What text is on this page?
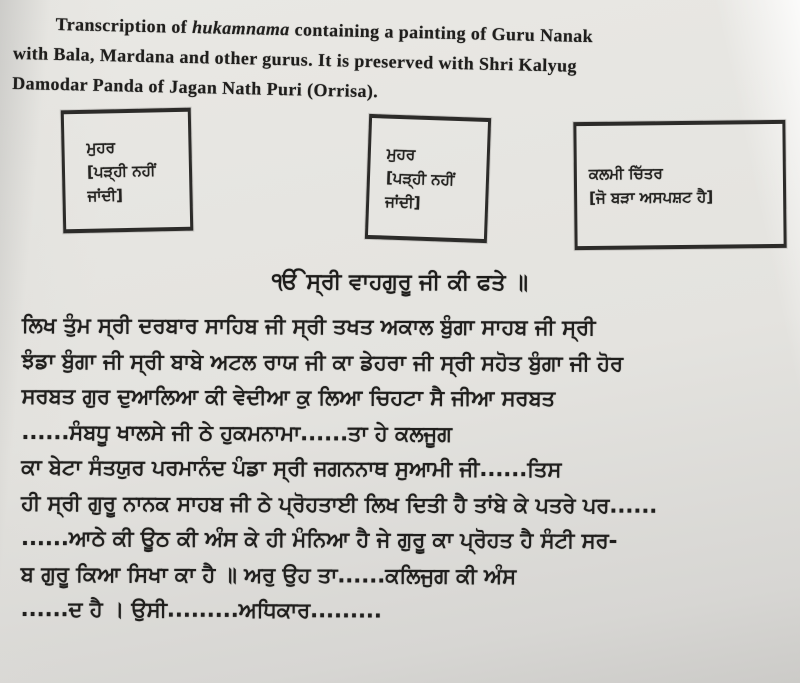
Transcription of hukamnama containing a painting of Guru Nanak
with Bala, Mardana and other gurus. It is preserved with Shri Kalyug
Damodar Panda of Jagan Nath Puri (Orrisa).
ਮੁਹਰ
[ਪੜ੍ਹੀ ਨਹੀਂ
ਜਾਂਦੀ]
ਮੁਹਰ
[ਪੜ੍ਹੀ ਨਹੀਂ
ਜਾਂਦੀ]
ਕਲਮੀ ਚਿੱਤਰ
[ਜੋ ਬੜਾ ਅਸਪਸ਼ਟ ਹੈ]
ੴ ਸ੍ਰੀ ਵਾਹਗੁਰੂ ਜੀ ਕੀ ਫਤੇ ॥
ਲਿਖ ਤੁੰਮ ਸ੍ਰੀ ਦਰਬਾਰ ਸਾਹਿਬ ਜੀ ਸ੍ਰੀ ਤਖਤ ਅਕਾਲ ਬੁੰਗਾ ਸਾਹਬ ਜੀ ਸ੍ਰੀ
ਝੰਡਾ ਬੁੰਗਾ ਜੀ ਸ੍ਰੀ ਬਾਬੇ ਅਟਲ ਰਾਯ ਜੀ ਕਾ ਡੇਹਰਾ ਜੀ ਸ੍ਰੀ ਸਹੋਤ ਬੁੰਗਾ ਜੀ ਹੋਰ
ਸਰਬਤ ਗੁਰ ਦੁਆਲਿਆ ਕੀ ਵੇਦੀਆ ਕੁ ਲਿਆ ਚਿਹਟਾ ਸੈ ਜੀਆ ਸਰਬਤ
......ਸੰਬਧੂ ਖਾਲਸੇ ਜੀ ਠੇ ਹੁਕਮਨਾਮਾ......ਤਾ ਹੇ ਕਲਜੂਗ
ਕਾ ਬੇਟਾ ਸੰਤਯੁਰ ਪਰਮਾਨੰਦ ਪੰਡਾ ਸ੍ਰੀ ਜਗਨਨਾਥ ਸੁਆਮੀ ਜੀ......ਤਿਸ
ਹੀ ਸ੍ਰੀ ਗੁਰੂ ਨਾਨਕ ਸਾਹਬ ਜੀ ਠੇ ਪ੍ਰੋਹਤਾਈ ਲਿਖ ਦਿਤੀ ਹੈ ਤਾਂਬੇ ਕੇ ਪਤਰੇ ਪਰ......
......ਆਠੇ ਕੀ ਊਠ ਕੀ ਅੰਸ ਕੇ ਹੀ ਮੰਨਿਆ ਹੈ ਜੇ ਗੁਰੂ ਕਾ ਪ੍ਰੋਹਤ ਹੈ ਸੰਟੀ ਸਰ-
ਬ ਗੁਰੂ ਕਿਆ ਸਿਖਾ ਕਾ ਹੈ ॥ ਅਰੁ ਉਹ ਤਾ......ਕਲਿਜੁਗ ਕੀ ਅੰਸ
......ਦ ਹੈ । ਉਸੀ.........ਅਧਿਕਾਰ.........
